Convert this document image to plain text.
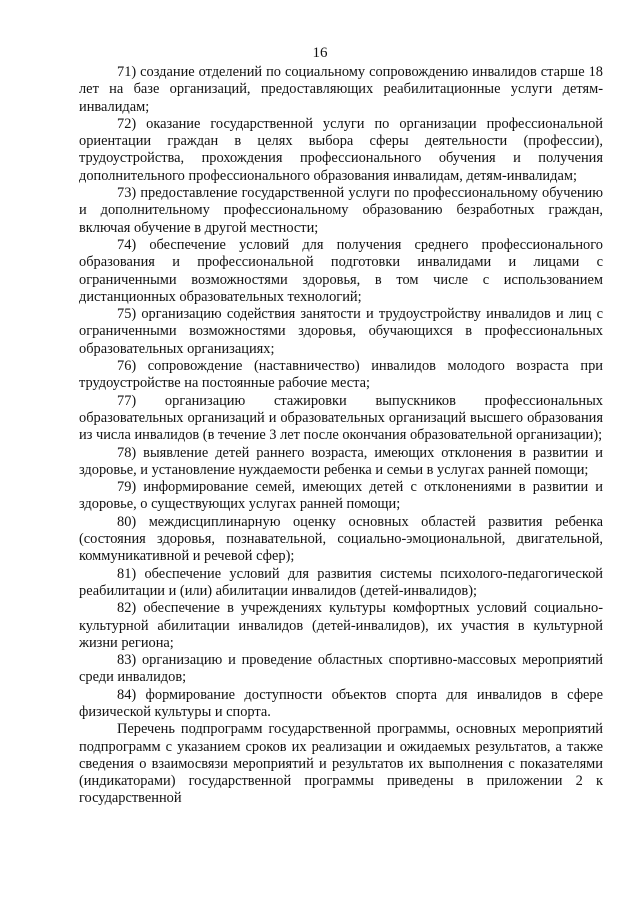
16

71) создание отделений по социальному сопровождению инвалидов старше 18 лет на базе организаций, предоставляющих реабилитационные услуги детям-инвалидам;

72) оказание государственной услуги по организации профессиональной ориентации граждан в целях выбора сферы деятельности (профессии), трудоустройства, прохождения профессионального обучения и получения дополнительного профессионального образования инвалидам, детям-инвалидам;

73) предоставление государственной услуги по профессиональному обучению и дополнительному профессиональному образованию безработных граждан, включая обучение в другой местности;

74) обеспечение условий для получения среднего профессионального образования и профессиональной подготовки инвалидами и лицами с ограниченными возможностями здоровья, в том числе с использованием дистанционных образовательных технологий;

75) организацию содействия занятости и трудоустройству инвалидов и лиц с ограниченными возможностями здоровья, обучающихся в профессиональных образовательных организациях;

76) сопровождение (наставничество) инвалидов молодого возраста при трудоустройстве на постоянные рабочие места;

77) организацию стажировки выпускников профессиональных образовательных организаций и образовательных организаций высшего образования из числа инвалидов (в течение 3 лет после окончания образовательной организации);

78) выявление детей раннего возраста, имеющих отклонения в развитии и здоровье, и установление нуждаемости ребенка и семьи в услугах ранней помощи;

79) информирование семей, имеющих детей с отклонениями в развитии и здоровье, о существующих услугах ранней помощи;

80) междисциплинарную оценку основных областей развития ребенка (состояния здоровья, познавательной, социально-эмоциональной, двигательной, коммуникативной и речевой сфер);

81) обеспечение условий для развития системы психолого-педагогической реабилитации и (или) абилитации инвалидов (детей-инвалидов);

82) обеспечение в учреждениях культуры комфортных условий социально-культурной абилитации инвалидов (детей-инвалидов), их участия в культурной жизни региона;

83) организацию и проведение областных спортивно-массовых мероприятий среди инвалидов;

84) формирование доступности объектов спорта для инвалидов в сфере физической культуры и спорта.

Перечень подпрограмм государственной программы, основных мероприятий подпрограмм с указанием сроков их реализации и ожидаемых результатов, а также сведения о взаимосвязи мероприятий и результатов их выполнения с показателями (индикаторами) государственной программы приведены в приложении 2 к государственной
